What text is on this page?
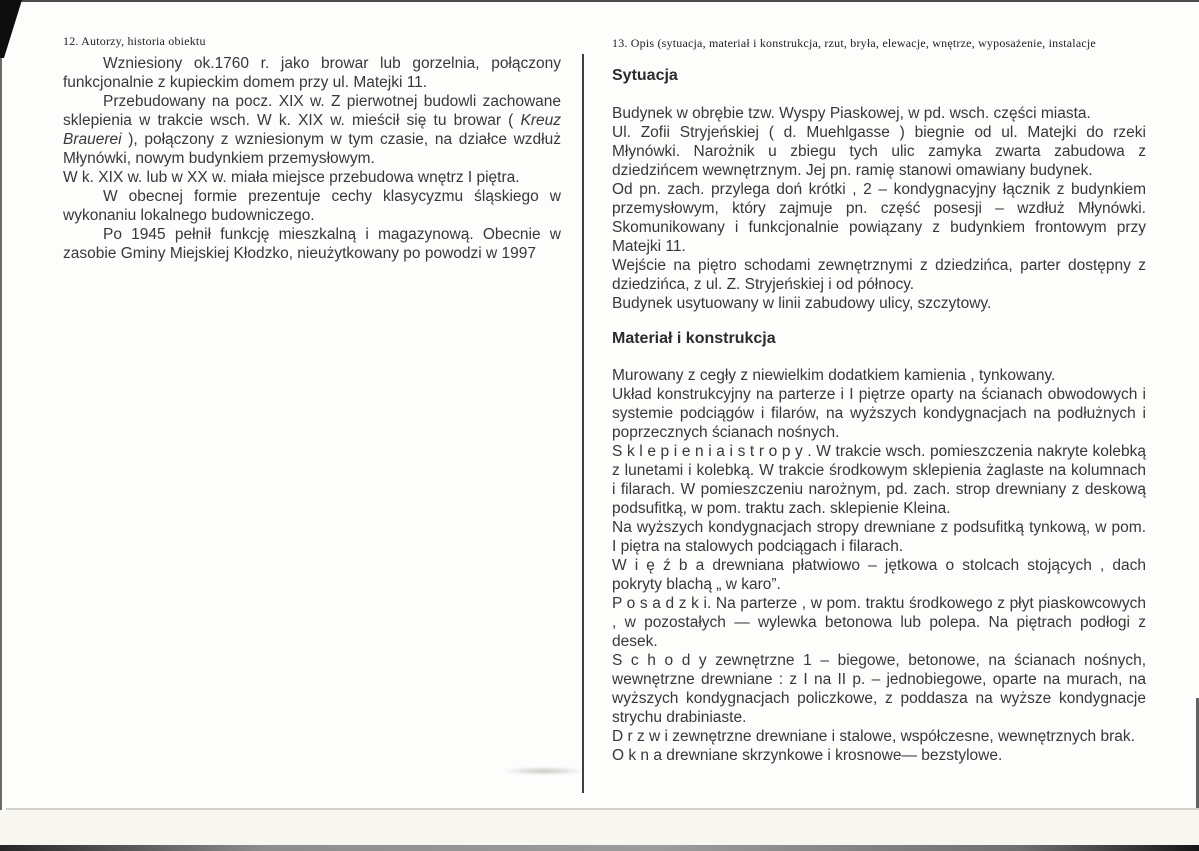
12. Autorzy, historia obiektu

Wzniesiony ok.1760 r. jako browar lub gorzelnia, połączony funkcjonalnie z kupieckim domem przy ul. Matejki 11.

Przebudowany na pocz. XIX w. Z pierwotnej budowli zachowane sklepienia w trakcie wsch. W k. XIX w. mieścił się tu browar ( Kreuz Brauerei ), połączony z wzniesionym w tym czasie, na działce wzdłuż Młynówki, nowym budynkiem przemysłowym.

W k. XIX w. lub w XX w. miała miejsce przebudowa wnętrz I piętra.

W obecnej formie prezentuje cechy klasycyzmu śląskiego w wykonaniu lokalnego budowniczego.

Po 1945 pełnił funkcję mieszkalną i magazynową. Obecnie w zasobie Gminy Miejskiej Kłodzko, nieużytkowany po powodzi w 1997

13. Opis (sytuacja, materiał i konstrukcja, rzut, bryła, elewacje, wnętrze, wyposażenie, instalacje

Sytuacja

Budynek w obrębie tzw. Wyspy Piaskowej, w pd. wsch. części miasta.

Ul. Zofii Stryjeńskiej ( d. Muehlgasse ) biegnie od ul. Matejki do rzeki Młynówki. Narożnik u zbiegu tych ulic zamyka zwarta zabudowa z dziedzińcem wewnętrznym. Jej pn. ramię stanowi omawiany budynek.

Od pn. zach. przylega doń krótki , 2 – kondygnacyjny łącznik z budynkiem przemysłowym, który zajmuje pn. część posesji – wzdłuż Młynówki. Skomunikowany i funkcjonalnie powiązany z budynkiem frontowym przy Matejki 11.

Wejście na piętro schodami zewnętrznymi z dziedzińca, parter dostępny z dziedzińca, z ul. Z. Stryjeńskiej i od północy.

Budynek usytuowany w linii zabudowy ulicy, szczytowy.

Materiał i konstrukcja

Murowany z cegły z niewielkim dodatkiem kamienia , tynkowany.

Układ konstrukcyjny na parterze i I piętrze oparty na ścianach obwodowych i systemie podciągów i filarów, na wyższych kondygnacjach na podłużnych i poprzecznych ścianach nośnych.

S k l e p i e n i a i s t r o p y . W trakcie wsch. pomieszczenia nakryte kolebką z lunetami i kolebką. W trakcie środkowym sklepienia żaglaste na kolumnach i filarach. W pomieszczeniu narożnym, pd. zach. strop drewniany z deskową podsufitką, w pom. traktu zach. sklepienie Kleina.

Na wyższych kondygnacjach stropy drewniane z podsufitką tynkową, w pom. I piętra na stalowych podciągach i filarach.

W i ę ź b a drewniana płatwiowo – jętkowa o stolcach stojących , dach pokryty blachą „ w karo”.

P o s a d z k i. Na parterze , w pom. traktu środkowego z płyt piaskowcowych , w pozostałych — wylewka betonowa lub polepa. Na piętrach podłogi z desek.

S c h o d y zewnętrzne 1 – biegowe, betonowe, na ścianach nośnych, wewnętrzne drewniane : z I na II p. – jednobiegowe, oparte na murach, na wyższych kondygnacjach policzkowe, z poddasza na wyższe kondygnacje strychu drabiniaste.

D r z w i zewnętrzne drewniane i stalowe, współczesne, wewnętrznych brak.

O k n a drewniane skrzynkowe i krosnowe— bezstylowe.
